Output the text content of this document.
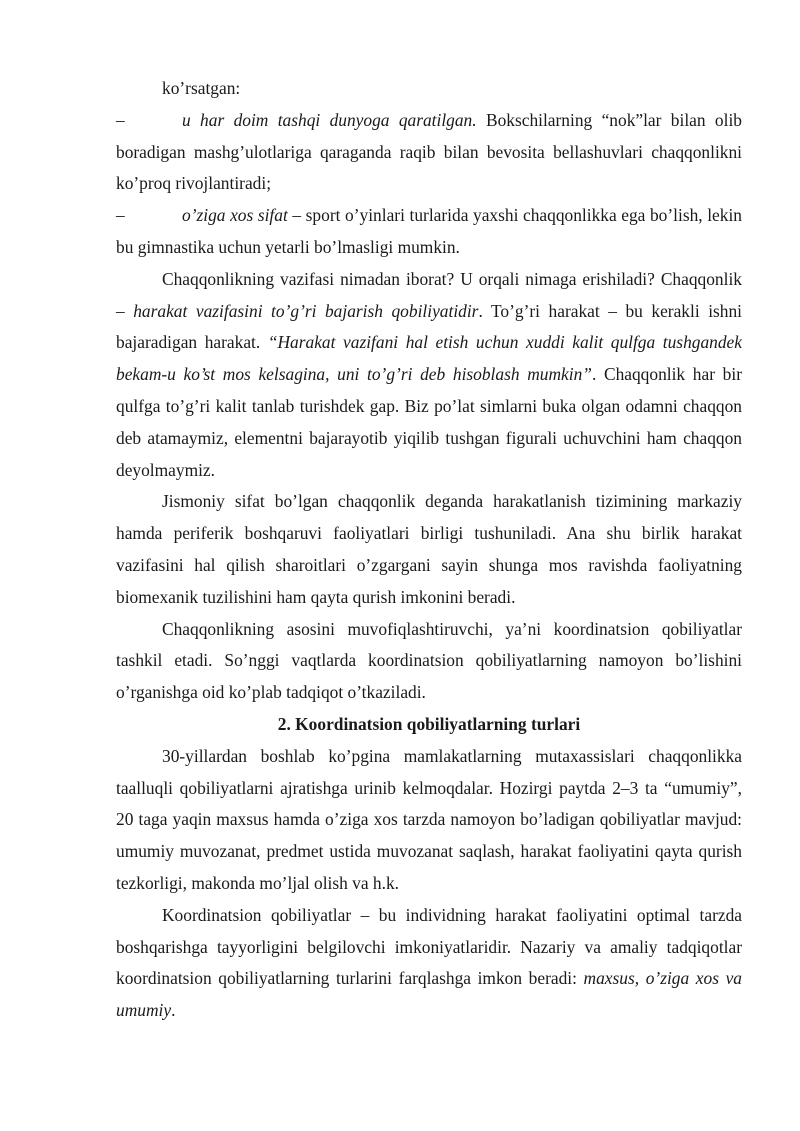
ko’rsatgan:

–	u har doim tashqi dunyoga qaratilgan. Bokschilarning “nok”lar bilan olib boradigan mashg’ulotlariga qaraganda raqib bilan bevosita bellashuvlari chaqqonlikni ko’proq rivojlantiradi;

–	o’ziga xos sifat – sport o’yinlari turlarida yaxshi chaqqonlikka ega bo’lish, lekin bu gimnastika uchun yetarli bo’lmasligi mumkin.

Chaqqonlikning vazifasi nimadan iborat? U orqali nimaga erishiladi? Chaqqonlik – harakat vazifasini to’g’ri bajarish qobiliyatidir. To’g’ri harakat – bu kerakli ishni bajaradigan harakat. “Harakat vazifani hal etish uchun xuddi kalit qulfga tushgandek bekam-u ko’st mos kelsagina, uni to’g’ri deb hisoblash mumkin”. Chaqqonlik har bir qulfga to’g’ri kalit tanlab turishdek gap. Biz po’lat simlarni buka olgan odamni chaqqon deb atamaymiz, elementni bajarayotib yiqilib tushgan figurali uchuvchini ham chaqqon deyolmaymiz.

Jismoniy sifat bo’lgan chaqqonlik deganda harakatlanish tizimining markaziy hamda periferik boshqaruvi faoliyatlari birligi tushuniladi. Ana shu birlik harakat vazifasini hal qilish sharoitlari o’zgargani sayin shunga mos ravishda faoliyatning biomexanik tuzilishini ham qayta qurish imkonini beradi.

Chaqqonlikning asosini muvofiqlashtiruvchi, ya’ni koordinatsion qobiliyatlar tashkil etadi. So’nggi vaqtlarda koordinatsion qobiliyatlarning namoyon bo’lishini o’rganishga oid ko’plab tadqiqot o’tkaziladi.

2. Koordinatsion qobiliyatlarning turlari

30-yillardan boshlab ko’pgina mamlakatlarning mutaxassislari chaqqonlikka taalluqli qobiliyatlarni ajratishga urinib kelmoqdalar. Hozirgi paytda 2–3 ta “umumiy”, 20 taga yaqin maxsus hamda o’ziga xos tarzda namoyon bo’ladigan qobiliyatlar mavjud: umumiy muvozanat, predmet ustida muvozanat saqlash, harakat faoliyatini qayta qurish tezkorligi, makonda mo’ljal olish va h.k.

Koordinatsion qobiliyatlar – bu individning harakat faoliyatini optimal tarzda boshqarishga tayyorligini belgilovchi imkoniyatlaridir. Nazariy va amaliy tadqiqotlar koordinatsion qobiliyatlarning turlarini farqlashga imkon beradi: maxsus, o’ziga xos va umumiy.
